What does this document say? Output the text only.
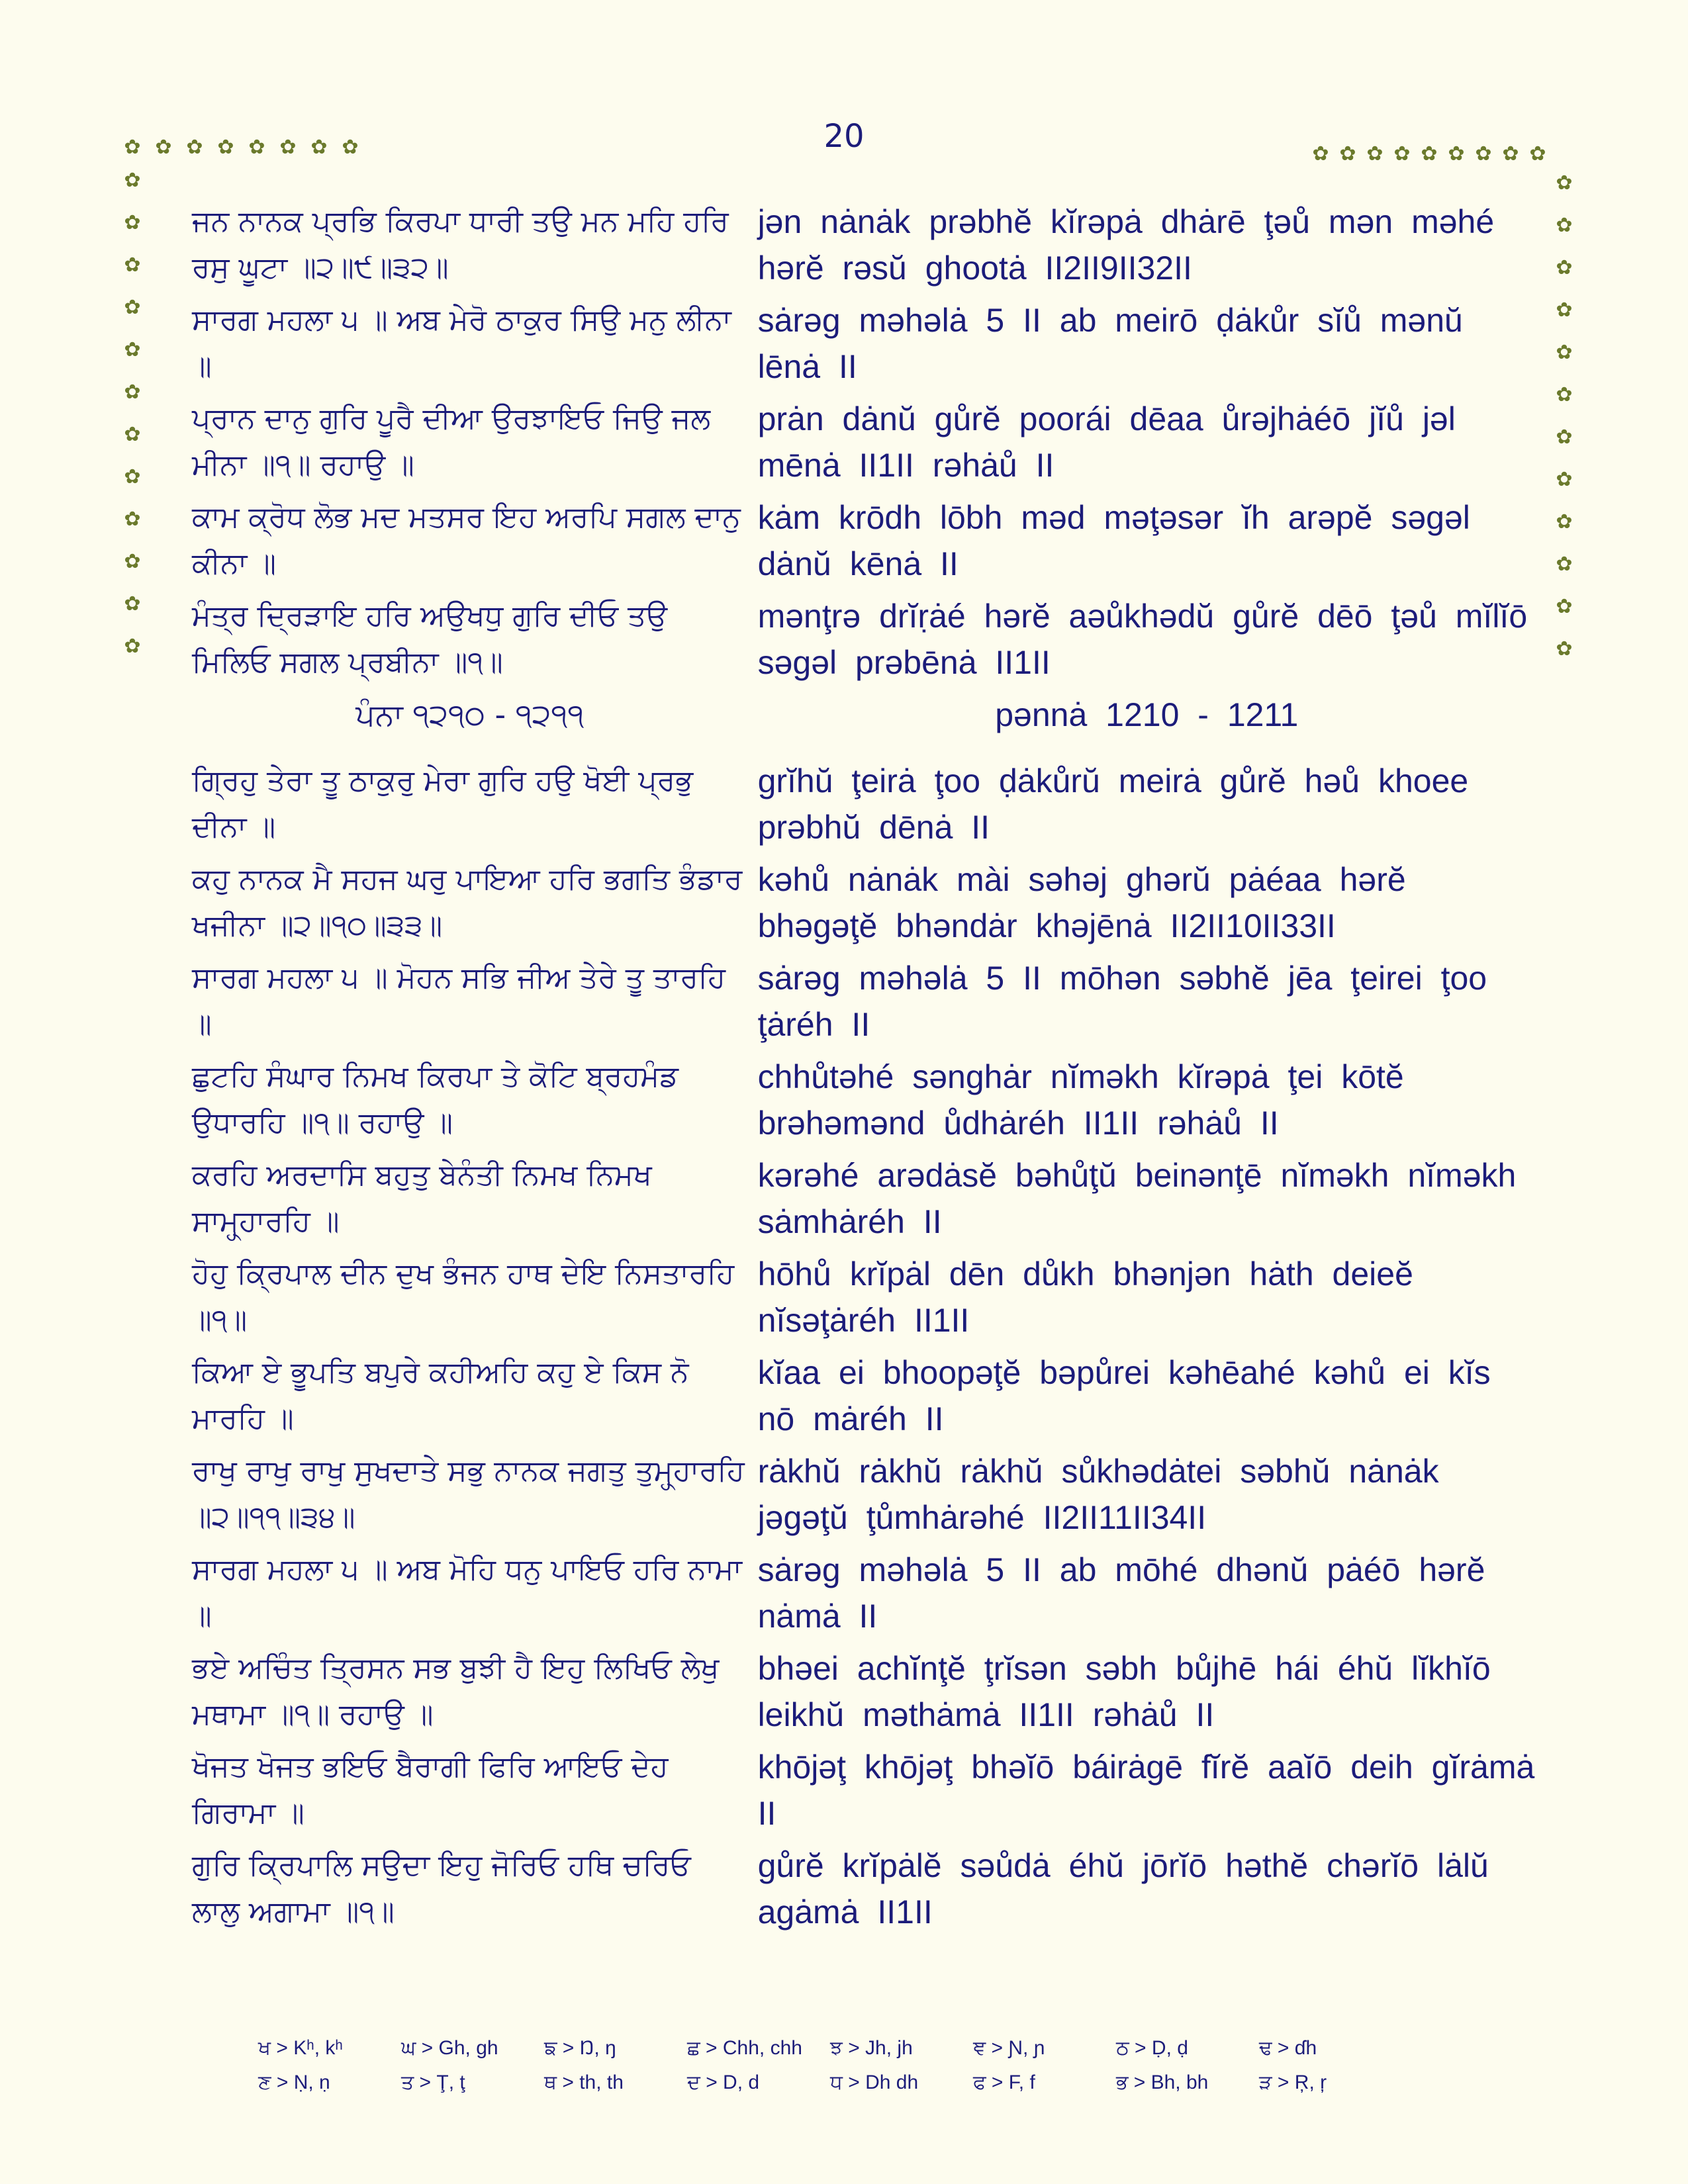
20
✿ ✿ ✿ ✿ ✿ ✿ ✿ ✿	✿ ✿ ✿ ✿ ✿ ✿ ✿ ✿ ✿
✿
✿
✿
✿
✿
✿
✿
✿
✿
✿
✿
✿
✿
✿
✿
✿
✿
✿
✿
✿
✿
✿
✿
✿
ਜਨ ਨਾਨਕ ਪ੍ਰਭਿ ਕਿਰਪਾ ਧਾਰੀ ਤਉ ਮਨ ਮਹਿ ਹਰਿ ਰਸੁ ਘੂਟਾ ॥੨॥੯॥੩੨॥
jən nȧnȧk prəbhĕ kĭrəpȧ dhȧrē ţəů mən məhé hərĕ rəsŭ ghootȧ II2II9II32II
ਸਾਰਗ ਮਹਲਾ ੫ ॥ ਅਬ ਮੇਰੋ ਠਾਕੁਰ ਸਿਉ ਮਨੁ ਲੀਨਾ ॥
sȧrəg məhəlȧ 5 II ab meirō ḍȧkůr sĭů mənŭ lēnȧ II
ਪ੍ਰਾਨ ਦਾਨੁ ਗੁਰਿ ਪੂਰੈ ਦੀਆ ਉਰਝਾਇਓ ਜਿਉ ਜਲ ਮੀਨਾ ॥੧॥ ਰਹਾਉ ॥
prȧn dȧnŭ gůrĕ poorái dēaa ůrəjhȧéō jĭů jəl mēnȧ II1II rəhȧů II
ਕਾਮ ਕ੍ਰੋਧ ਲੋਭ ਮਦ ਮਤਸਰ ਇਹ ਅਰਪਿ ਸਗਲ ਦਾਨੁ ਕੀਨਾ ॥
kȧm krōdh lōbh məd məţəsər ĭh arəpĕ səgəl dȧnŭ kēnȧ II
ਮੰਤ੍ਰ ਦ੍ਰਿੜਾਇ ਹਰਿ ਅਉਖਧੁ ਗੁਰਿ ਦੀਓ ਤਉ ਮਿਲਿਓ ਸਗਲ ਪ੍ਰਬੀਨਾ ॥੧॥
mənţrə drĭṛȧé hərĕ aəůkhədŭ gůrĕ dēō ţəů mĭlĭō səgəl prəbēnȧ II1II
ਪੰਨਾ ੧੨੧੦ - ੧੨੧੧	pənnȧ 1210 - 1211
ਗ੍ਰਿਹੁ ਤੇਰਾ ਤੂ ਠਾਕੁਰੁ ਮੇਰਾ ਗੁਰਿ ਹਉ ਖੋਈ ਪ੍ਰਭੁ ਦੀਨਾ ॥
grĭhŭ ţeirȧ ţoo ḍȧkůrŭ meirȧ gůrĕ həů khoee prəbhŭ dēnȧ II
ਕਹੁ ਨਾਨਕ ਮੈ ਸਹਜ ਘਰੁ ਪਾਇਆ ਹਰਿ ਭਗਤਿ ਭੰਡਾਰ ਖਜੀਨਾ ॥੨॥੧੦॥੩੩॥
kəhů nȧnȧk mài səhəj ghərŭ pȧéaa hərĕ bhəgəţĕ bhəndȧr khəjēnȧ II2II10II33II
ਸਾਰਗ ਮਹਲਾ ੫ ॥ ਮੋਹਨ ਸਭਿ ਜੀਅ ਤੇਰੇ ਤੂ ਤਾਰਹਿ ॥
sȧrəg məhəlȧ 5 II mōhən səbhĕ jēa ţeirei ţoo ţȧréh II
ਛੁਟਹਿ ਸੰਘਾਰ ਨਿਮਖ ਕਿਰਪਾ ਤੇ ਕੋਟਿ ਬ੍ਰਹਮੰਡ ਉਧਾਰਹਿ ॥੧॥ ਰਹਾਉ ॥
chhůtəhé sənghȧr nĭməkh kĭrəpȧ ţei kōtĕ brəhəmənd ůdhȧréh II1II rəhȧů II
ਕਰਹਿ ਅਰਦਾਸਿ ਬਹੁਤੁ ਬੇਨੰਤੀ ਨਿਮਖ ਨਿਮਖ ਸਾਮ੍ਹ੍ਹਾਰਹਿ ॥
kərəhé arədȧsĕ bəhůţŭ beinənţē nĭməkh nĭməkh sȧmhȧréh II
ਹੋਹੁ ਕ੍ਰਿਪਾਲ ਦੀਨ ਦੁਖ ਭੰਜਨ ਹਾਥ ਦੇਇ ਨਿਸਤਾਰਹਿ ॥੧॥
hōhů krĭpȧl dēn důkh bhənjən hȧth deieĕ nĭsəţȧréh II1II
ਕਿਆ ਏ ਭੂਪਤਿ ਬਪੁਰੇ ਕਹੀਅਹਿ ਕਹੁ ਏ ਕਿਸ ਨੋ ਮਾਰਹਿ ॥
kĭaa ei bhoopəţĕ bəpůrei kəhēahé kəhů ei kĭs nō mȧréh II
ਰਾਖੁ ਰਾਖੁ ਰਾਖੁ ਸੁਖਦਾਤੇ ਸਭੁ ਨਾਨਕ ਜਗਤੁ ਤੁਮ੍ਹ੍ਹਾਰਹਿ ॥੨॥੧੧॥੩੪॥
rȧkhŭ rȧkhŭ rȧkhŭ sůkhədȧtei səbhŭ nȧnȧk jəgəţŭ ţůmhȧrəhé II2II11II34II
ਸਾਰਗ ਮਹਲਾ ੫ ॥ ਅਬ ਮੋਹਿ ਧਨੁ ਪਾਇਓ ਹਰਿ ਨਾਮਾ ॥
sȧrəg məhəlȧ 5 II ab mōhé dhənŭ pȧéō hərĕ nȧmȧ II
ਭਏ ਅਚਿੰਤ ਤ੍ਰਿਸਨ ਸਭ ਬੁਝੀ ਹੈ ਇਹੁ ਲਿਖਿਓ ਲੇਖੁ ਮਥਾਮਾ ॥੧॥ ਰਹਾਉ ॥
bhəei achĭnţĕ ţrĭsən səbh bůjhē hái éhŭ lĭkhĭō leikhŭ məthȧmȧ II1II rəhȧů II
ਖੋਜਤ ਖੋਜਤ ਭਇਓ ਬੈਰਾਗੀ ਫਿਰਿ ਆਇਓ ਦੇਹ ਗਿਰਾਮਾ ॥
khōjəţ khōjəţ bhəĭō báirȧgē fĭrĕ aaĭō deih gĭrȧmȧ II
ਗੁਰਿ ਕ੍ਰਿਪਾਲਿ ਸਉਦਾ ਇਹੁ ਜੋਰਿਓ ਹਥਿ ਚਰਿਓ ਲਾਲੁ ਅਗਾਮਾ ॥੧॥
gůrĕ krĭpȧlĕ səůdȧ éhŭ jōrĭō həthĕ chərĭō lȧlŭ agȧmȧ II1II
ਖ > Kʰ, kʰ	ਘ > Gh, gh	ਙ > Ŋ, ŋ	ਛ > Chh, chh	ਝ > Jh, jh	ਞ > Ɲ, ɲ	ਠ > Ḍ, ḍ	ਢ > ɗh
ਣ > Ṇ, ṇ	ਤ > Ţ, ţ	ਥ > th, th	ਦ > D, d	ਧ > Dh dh	ਫ > F, f	ਭ > Bh, bh	ੜ > Ŗ, ŗ
